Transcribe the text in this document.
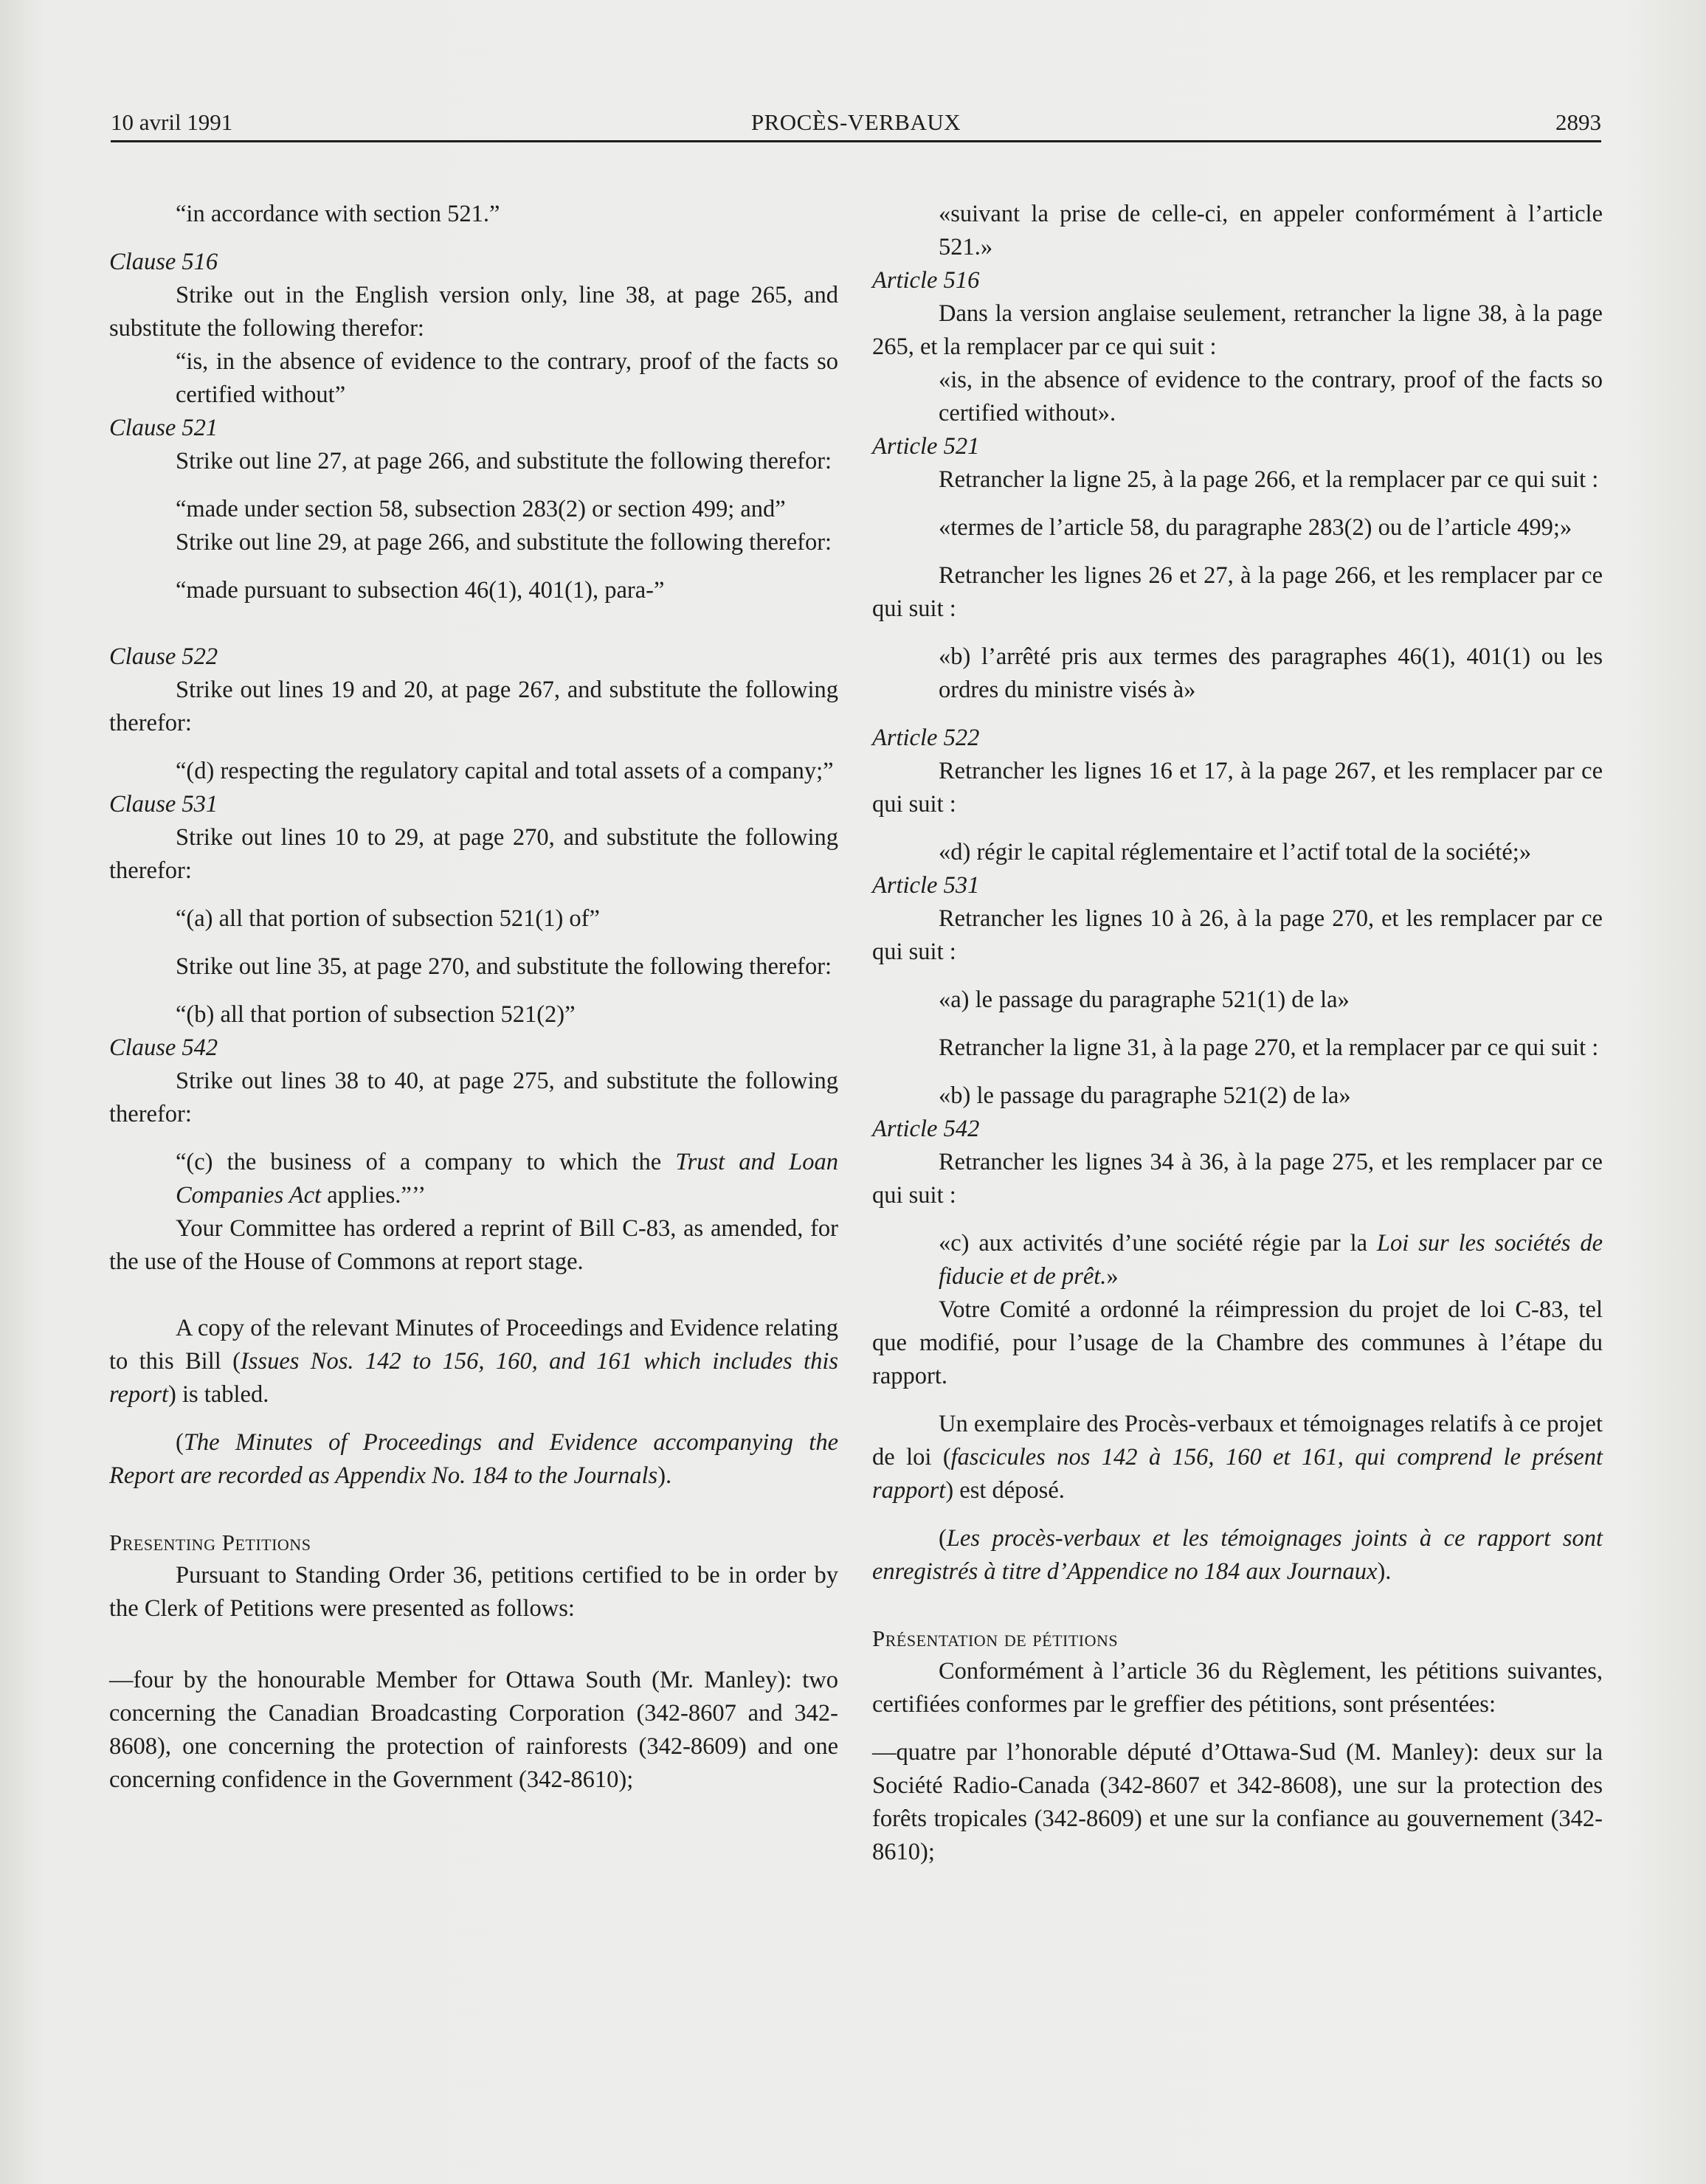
10 avril 1991	PROCÈS-VERBAUX	2893

“in accordance with section 521.”

Clause 516

Strike out in the English version only, line 38, at page 265, and substitute the following therefor:

“is, in the absence of evidence to the contrary, proof of the facts so certified without”

Clause 521

Strike out line 27, at page 266, and substitute the following therefor:

“made under section 58, subsection 283(2) or section 499; and”

Strike out line 29, at page 266, and substitute the following therefor:

“made pursuant to subsection 46(1), 401(1), para-”

Clause 522

Strike out lines 19 and 20, at page 267, and substitute the following therefor:

“(d) respecting the regulatory capital and total assets of a company;”

Clause 531

Strike out lines 10 to 29, at page 270, and substitute the following therefor:

“(a) all that portion of subsection 521(1) of”

Strike out line 35, at page 270, and substitute the following therefor:

“(b) all that portion of subsection 521(2)”

Clause 542

Strike out lines 38 to 40, at page 275, and substitute the following therefor:

“(c) the business of a company to which the Trust and Loan Companies Act applies.”’’

Your Committee has ordered a reprint of Bill C-83, as amended, for the use of the House of Commons at report stage.

A copy of the relevant Minutes of Proceedings and Evidence relating to this Bill (Issues Nos. 142 to 156, 160, and 161 which includes this report) is tabled.

(The Minutes of Proceedings and Evidence accompanying the Report are recorded as Appendix No. 184 to the Journals).

Presenting Petitions

Pursuant to Standing Order 36, petitions certified to be in order by the Clerk of Petitions were presented as follows:

—four by the honourable Member for Ottawa South (Mr. Manley): two concerning the Canadian Broadcasting Corporation (342-8607 and 342-8608), one concerning the protection of rainforests (342-8609) and one concerning confidence in the Government (342-8610);

«suivant la prise de celle-ci, en appeler conformément à l’article 521.»

Article 516

Dans la version anglaise seulement, retrancher la ligne 38, à la page 265, et la remplacer par ce qui suit :

«is, in the absence of evidence to the contrary, proof of the facts so certified without».

Article 521

Retrancher la ligne 25, à la page 266, et la remplacer par ce qui suit :

«termes de l’article 58, du paragraphe 283(2) ou de l’article 499;»

Retrancher les lignes 26 et 27, à la page 266, et les remplacer par ce qui suit :

«b) l’arrêté pris aux termes des paragraphes 46(1), 401(1) ou les ordres du ministre visés à»

Article 522

Retrancher les lignes 16 et 17, à la page 267, et les remplacer par ce qui suit :

«d) régir le capital réglementaire et l’actif total de la société;»

Article 531

Retrancher les lignes 10 à 26, à la page 270, et les remplacer par ce qui suit :

«a) le passage du paragraphe 521(1) de la»

Retrancher la ligne 31, à la page 270, et la remplacer par ce qui suit :

«b) le passage du paragraphe 521(2) de la»

Article 542

Retrancher les lignes 34 à 36, à la page 275, et les remplacer par ce qui suit :

«c) aux activités d’une société régie par la Loi sur les sociétés de fiducie et de prêt.»

Votre Comité a ordonné la réimpression du projet de loi C-83, tel que modifié, pour l’usage de la Chambre des communes à l’étape du rapport.

Un exemplaire des Procès-verbaux et témoignages relatifs à ce projet de loi (fascicules nos 142 à 156, 160 et 161, qui comprend le présent rapport) est déposé.

(Les procès-verbaux et les témoignages joints à ce rapport sont enregistrés à titre d’Appendice no 184 aux Journaux).

Présentation de pétitions

Conformément à l’article 36 du Règlement, les pétitions suivantes, certifiées conformes par le greffier des pétitions, sont présentées:

—quatre par l’honorable député d’Ottawa-Sud (M. Manley): deux sur la Société Radio-Canada (342-8607 et 342-8608), une sur la protection des forêts tropicales (342-8609) et une sur la confiance au gouvernement (342-8610);
